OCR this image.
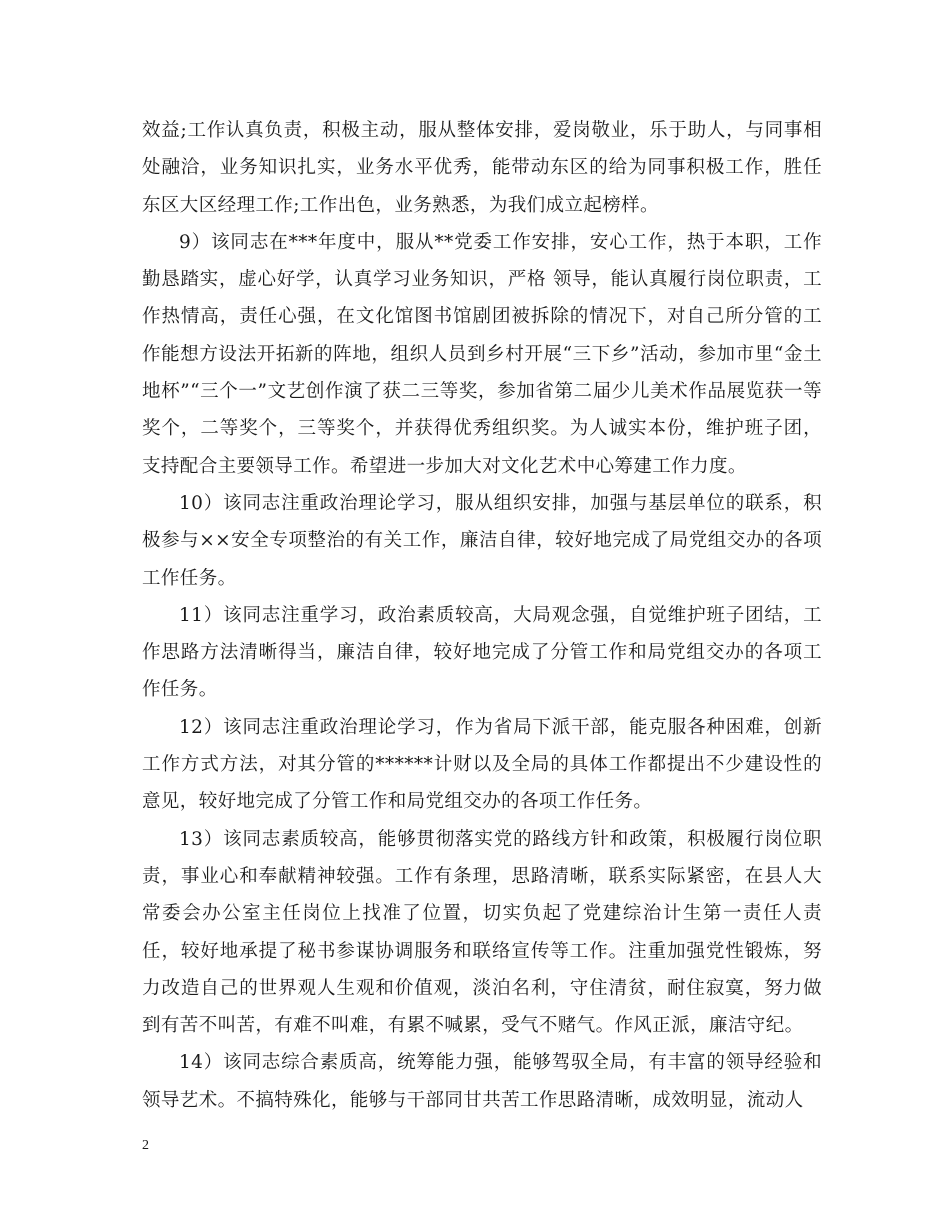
效益;工作认真负责，积极主动，服从整体安排，爱岗敬业，乐于助人，与同事相处融洽，业务知识扎实，业务水平优秀，能带动东区的给为同事积极工作，胜任东区大区经理工作;工作出色，业务熟悉，为我们成立起榜样。

9）该同志在***年度中，服从**党委工作安排，安心工作，热于本职，工作勤恳踏实，虚心好学，认真学习业务知识，严格 领导，能认真履行岗位职责，工作热情高，责任心强，在文化馆图书馆剧团被拆除的情况下，对自己所分管的工作能想方设法开拓新的阵地，组织人员到乡村开展“三下乡”活动，参加市里“金土地杯”“三个一”文艺创作演了获二三等奖，参加省第二届少儿美术作品展览获一等奖个，二等奖个，三等奖个，并获得优秀组织奖。为人诚实本份，维护班子团，支持配合主要领导工作。希望进一步加大对文化艺术中心筹建工作力度。

10）该同志注重政治理论学习，服从组织安排，加强与基层单位的联系，积极参与××安全专项整治的有关工作，廉洁自律，较好地完成了局党组交办的各项工作任务。

11）该同志注重学习，政治素质较高，大局观念强，自觉维护班子团结，工作思路方法清晰得当，廉洁自律，较好地完成了分管工作和局党组交办的各项工作任务。

12）该同志注重政治理论学习，作为省局下派干部，能克服各种困难，创新工作方式方法，对其分管的******计财以及全局的具体工作都提出不少建设性的意见，较好地完成了分管工作和局党组交办的各项工作任务。

13）该同志素质较高，能够贯彻落实党的路线方针和政策，积极履行岗位职责，事业心和奉献精神较强。工作有条理，思路清晰，联系实际紧密，在县人大常委会办公室主任岗位上找准了位置，切实负起了党建综治计生第一责任人责任，较好地承提了秘书参谋协调服务和联络宣传等工作。注重加强党性锻炼，努力改造自己的世界观人生观和价值观，淡泊名利，守住清贫，耐住寂寞，努力做到有苦不叫苦，有难不叫难，有累不喊累，受气不赌气。作风正派，廉洁守纪。

14）该同志综合素质高，统筹能力强，能够驾驭全局，有丰富的领导经验和领导艺术。不搞特殊化，能够与干部同甘共苦工作思路清晰，成效明显，流动人

2
